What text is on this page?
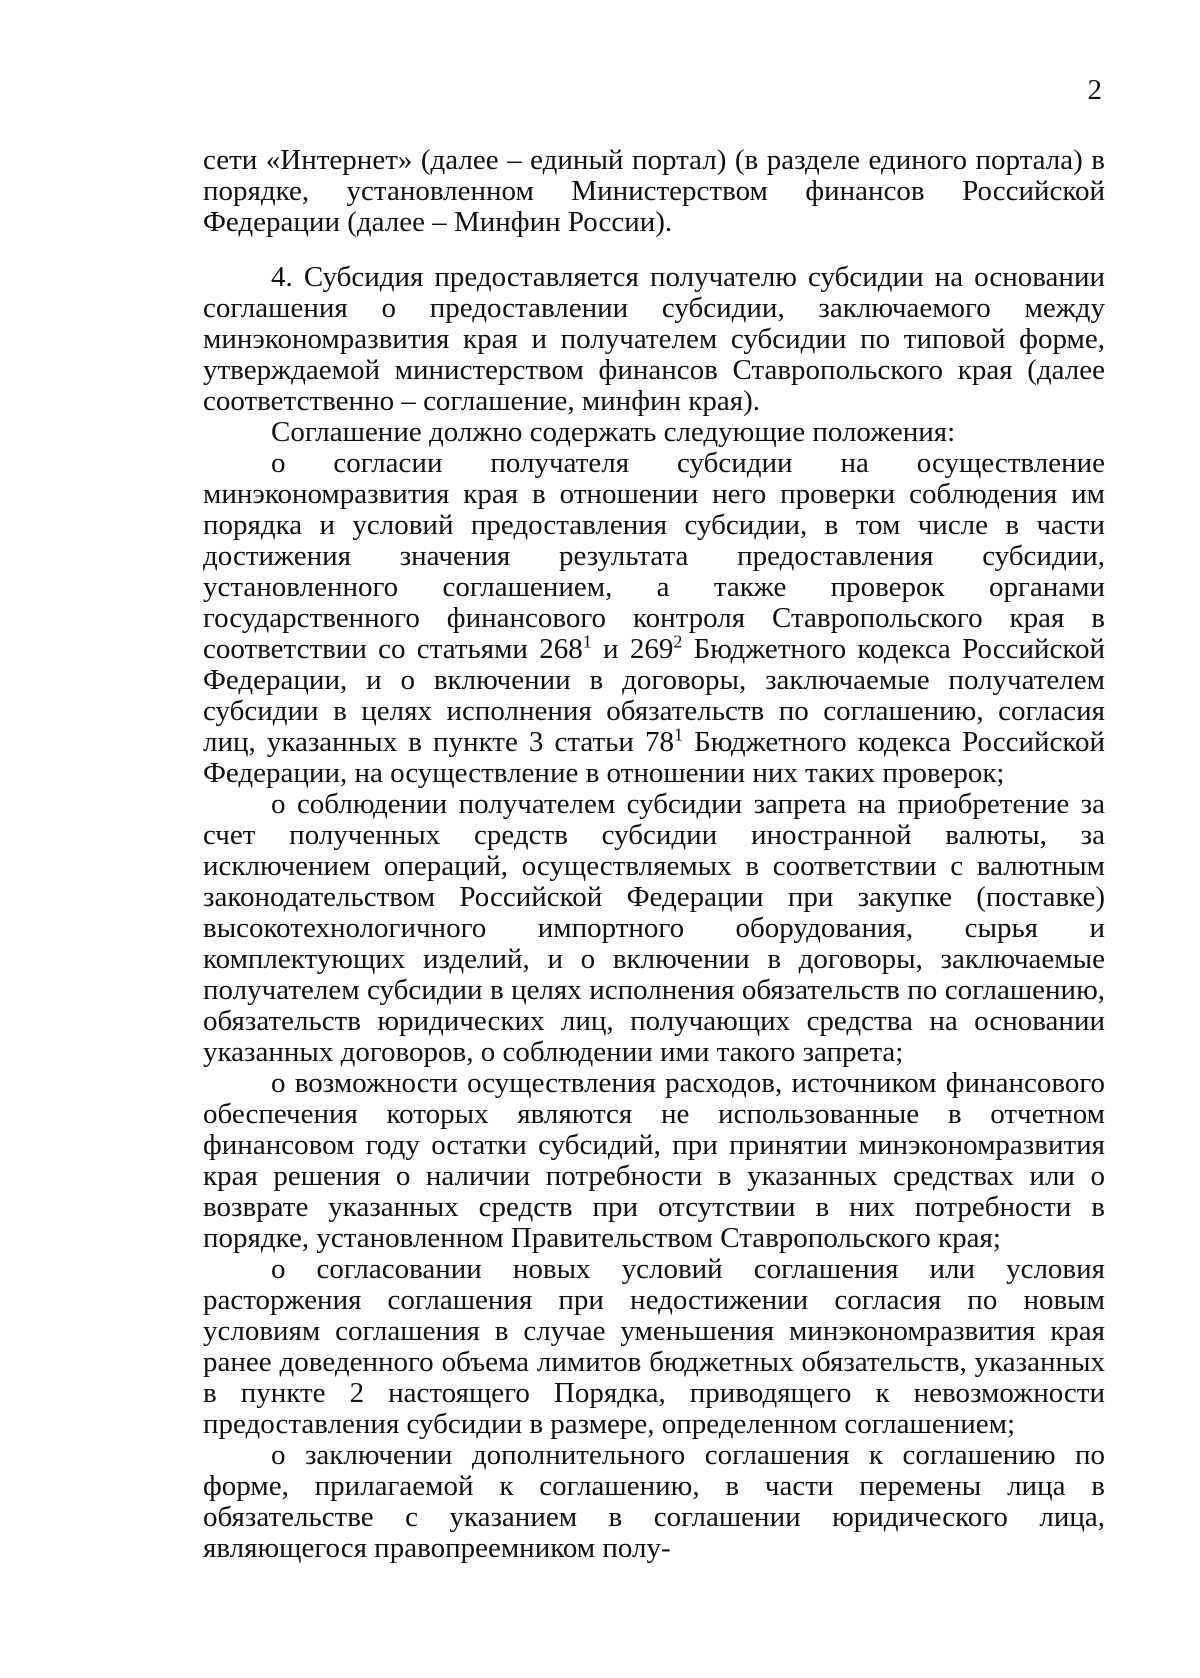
2

сети «Интернет» (далее – единый портал) (в разделе единого портала) в порядке, установленном Министерством финансов Российской Федерации (далее – Минфин России).

4. Субсидия предоставляется получателю субсидии на основании соглашения о предоставлении субсидии, заключаемого между минэкономразвития края и получателем субсидии по типовой форме, утверждаемой министерством финансов Ставропольского края (далее соответственно – соглашение, минфин края).

Соглашение должно содержать следующие положения:

о согласии получателя субсидии на осуществление минэкономразвития края в отношении него проверки соблюдения им порядка и условий предоставления субсидии, в том числе в части достижения значения результата предоставления субсидии, установленного соглашением, а также проверок органами государственного финансового контроля Ставропольского края в соответствии со статьями $268^1$ и $269^2$ Бюджетного кодекса Российской Федерации, и о включении в договоры, заключаемые получателем субсидии в целях исполнения обязательств по соглашению, согласия лиц, указанных в пункте 3 статьи $78^1$ Бюджетного кодекса Российской Федерации, на осуществление в отношении них таких проверок;

о соблюдении получателем субсидии запрета на приобретение за счет полученных средств субсидии иностранной валюты, за исключением операций, осуществляемых в соответствии с валютным законодательством Российской Федерации при закупке (поставке) высокотехнологичного импортного оборудования, сырья и комплектующих изделий, и о включении в договоры, заключаемые получателем субсидии в целях исполнения обязательств по соглашению, обязательств юридических лиц, получающих средства на основании указанных договоров, о соблюдении ими такого запрета;

о возможности осуществления расходов, источником финансового обеспечения которых являются не использованные в отчетном финансовом году остатки субсидий, при принятии минэкономразвития края решения о наличии потребности в указанных средствах или о возврате указанных средств при отсутствии в них потребности в порядке, установленном Правительством Ставропольского края;

о согласовании новых условий соглашения или условия расторжения соглашения при недостижении согласия по новым условиям соглашения в случае уменьшения минэкономразвития края ранее доведенного объема лимитов бюджетных обязательств, указанных в пункте 2 настоящего Порядка, приводящего к невозможности предоставления субсидии в размере, определенном соглашением;

о заключении дополнительного соглашения к соглашению по форме, прилагаемой к соглашению, в части перемены лица в обязательстве с указанием в соглашении юридического лица, являющегося правопреемником полу-
